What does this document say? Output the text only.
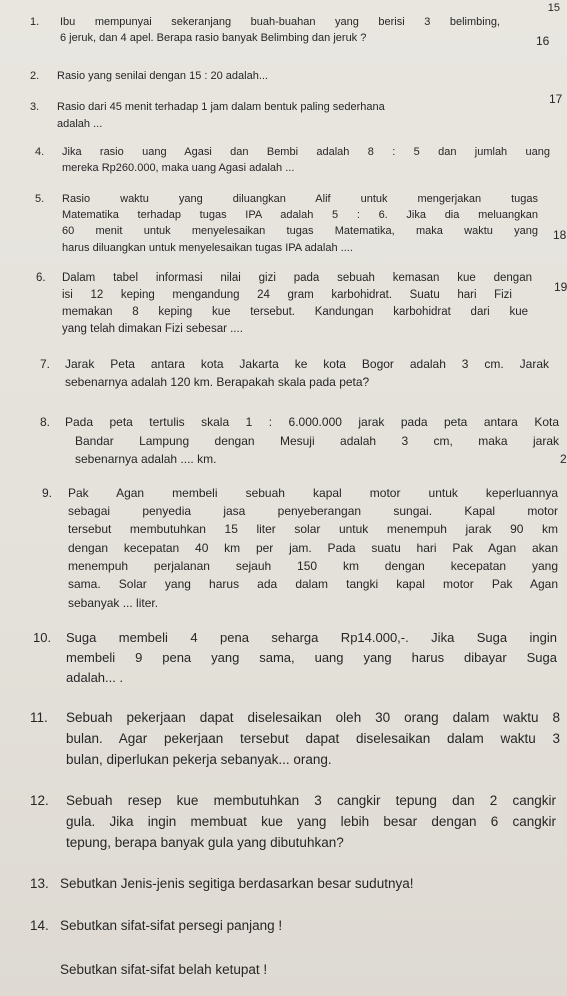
15
1. Ibu mempunyai sekeranjang buah-buahan yang berisi 3 belimbing,
6 jeruk, dan 4 apel. Berapa rasio banyak Belimbing dan jeruk ?	16
2. Rasio yang senilai dengan 15 : 20 adalah...
3. Rasio dari 45 menit terhadap 1 jam dalam bentuk paling sederhana
adalah ...
17
4. Jika rasio uang Agasi dan Bembi adalah 8 : 5 dan jumlah uang
mereka Rp260.000, maka uang Agasi adalah ...
5. Rasio waktu yang diluangkan Alif untuk mengerjakan tugas
Matematika terhadap tugas IPA adalah 5 : 6. Jika dia meluangkan
60 menit untuk menyelesaikan tugas Matematika, maka waktu yang
harus diluangkan untuk menyelesaikan tugas IPA adalah ....
18
6. Dalam tabel informasi nilai gizi pada sebuah kemasan kue dengan
isi 12 keping mengandung 24 gram karbohidrat. Suatu hari Fizi
memakan 8 keping kue tersebut. Kandungan karbohidrat dari kue
yang telah dimakan Fizi sebesar ....
19
7. Jarak Peta antara kota Jakarta ke kota Bogor adalah 3 cm. Jarak
sebenarnya adalah 120 km. Berapakah skala pada peta?
8. Pada peta tertulis skala 1 : 6.000.000 jarak pada peta antara Kota
Bandar Lampung dengan Mesuji adalah 3 cm, maka jarak
sebenarnya adalah .... km.	2
9. Pak Agan membeli sebuah kapal motor untuk keperluannya
sebagai penyedia jasa penyeberangan sungai. Kapal motor
tersebut membutuhkan 15 liter solar untuk menempuh jarak 90 km
dengan kecepatan 40 km per jam. Pada suatu hari Pak Agan akan
menempuh perjalanan sejauh 150 km dengan kecepatan yang
sama. Solar yang harus ada dalam tangki kapal motor Pak Agan
sebanyak ... liter.
10. Suga membeli 4 pena seharga Rp14.000,-. Jika Suga ingin
membeli 9 pena yang sama, uang yang harus dibayar Suga
adalah... .
11. Sebuah pekerjaan dapat diselesaikan oleh 30 orang dalam waktu 8
bulan. Agar pekerjaan tersebut dapat diselesaikan dalam waktu 3
bulan, diperlukan pekerja sebanyak... orang.
12. Sebuah resep kue membutuhkan 3 cangkir tepung dan 2 cangkir
gula. Jika ingin membuat kue yang lebih besar dengan 6 cangkir
tepung, berapa banyak gula yang dibutuhkan?
13. Sebutkan Jenis-jenis segitiga berdasarkan besar sudutnya!
14. Sebutkan sifat-sifat persegi panjang !
Sebutkan sifat-sifat belah ketupat !
